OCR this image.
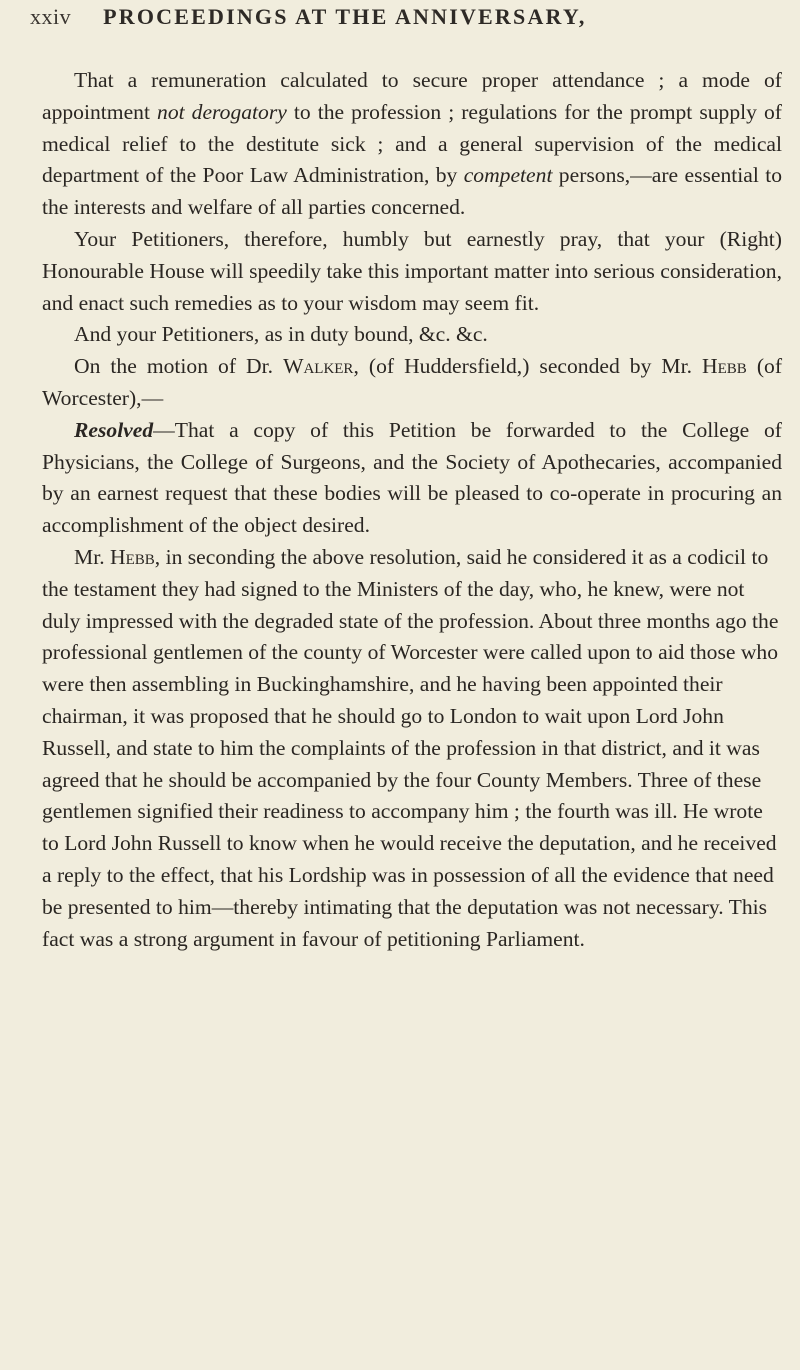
xxiv PROCEEDINGS AT THE ANNIVERSARY,

That a remuneration calculated to secure proper attendance ; a mode of appointment not derogatory to the profession ; regulations for the prompt supply of medical relief to the destitute sick ; and a general supervision of the medical department of the Poor Law Administration, by competent persons,—are essential to the interests and welfare of all parties concerned.

Your Petitioners, therefore, humbly but earnestly pray, that your (Right) Honourable House will speedily take this important matter into serious consideration, and enact such remedies as to your wisdom may seem fit.

And your Petitioners, as in duty bound, &c. &c.

On the motion of Dr. Walker, (of Huddersfield,) seconded by Mr. Hebb (of Worcester),—

Resolved—That a copy of this Petition be forwarded to the College of Physicians, the College of Surgeons, and the Society of Apothecaries, accompanied by an earnest request that these bodies will be pleased to co-operate in procuring an accomplishment of the object desired.

Mr. Hebb, in seconding the above resolution, said he considered it as a codicil to the testament they had signed to the Ministers of the day, who, he knew, were not duly impressed with the degraded state of the profession. About three months ago the professional gentlemen of the county of Worcester were called upon to aid those who were then assembling in Buckinghamshire, and he having been appointed their chairman, it was proposed that he should go to London to wait upon Lord John Russell, and state to him the complaints of the profession in that district, and it was agreed that he should be accompanied by the four County Members. Three of these gentlemen signified their readiness to accompany him ; the fourth was ill. He wrote to Lord John Russell to know when he would receive the deputation, and he received a reply to the effect, that his Lordship was in possession of all the evidence that need be presented to him—thereby intimating that the deputation was not necessary. This fact was a strong argument in favour of petitioning Parliament.
